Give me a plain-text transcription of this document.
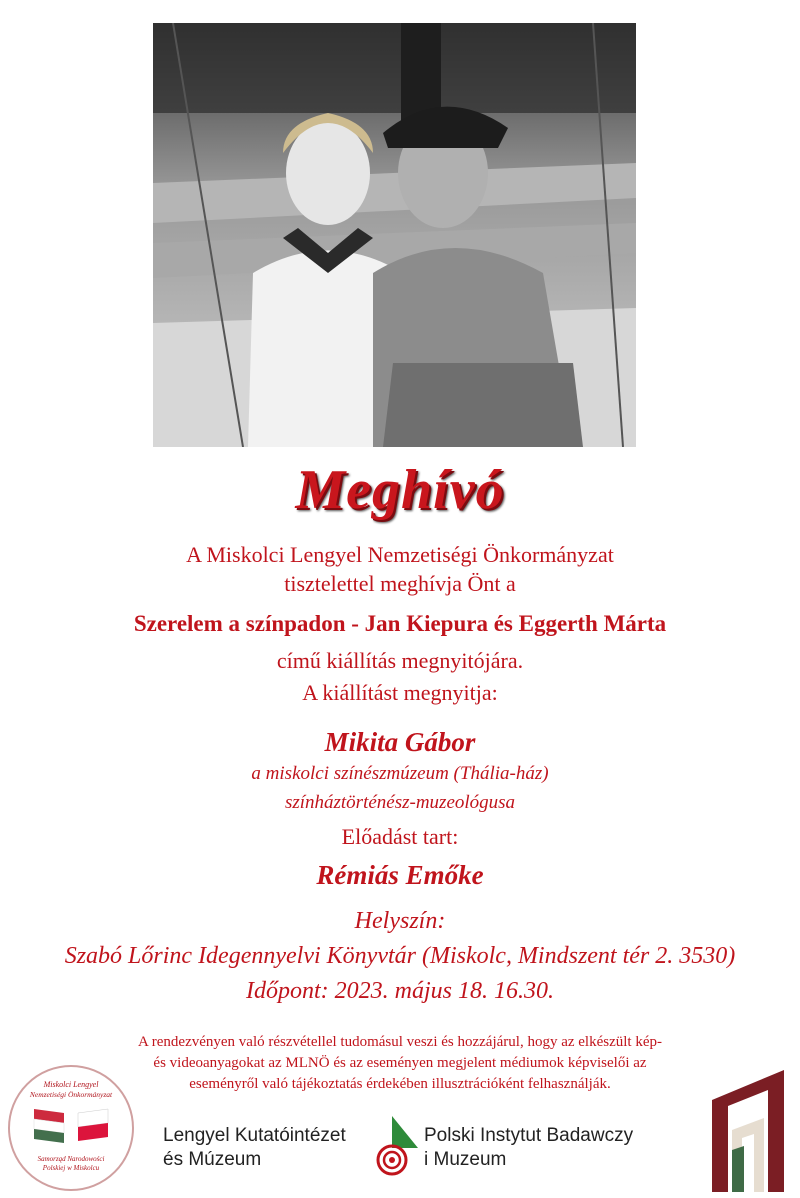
Meghívó
A Miskolci Lengyel Nemzetiségi Önkormányzat
tisztelettel meghívja Önt a
Szerelem a színpadon - Jan Kiepura és Eggerth Márta
című kiállítás megnyitójára.
A kiállítást megnyitja:
Mikita Gábor
a miskolci színészmúzeum (Thália-ház)
színháztörténész-muzeológusa
Előadást tart:
Rémiás Emőke
Helyszín:
Szabó Lőrinc Idegennyelvi Könyvtár (Miskolc, Mindszent tér 2. 3530)
Időpont: 2023. május 18. 16.30.

A rendezvényen való részvétellel tudomásul veszi és hozzájárul, hogy az elkészült kép-

és videoanyagokat az MLNÖ és az eseményen megjelent médiumok képviselői az

eseményről való tájékoztatás érdekében illusztrációként felhasználják.

Miskolci Lengyel
Nemzetiségi Önkormányzat
Samorząd Narodowości
Polskiej w Miskolcu

Lengyel Kutatóintézet

és Múzeum

Polski Instytut Badawczy

i Muzeum
